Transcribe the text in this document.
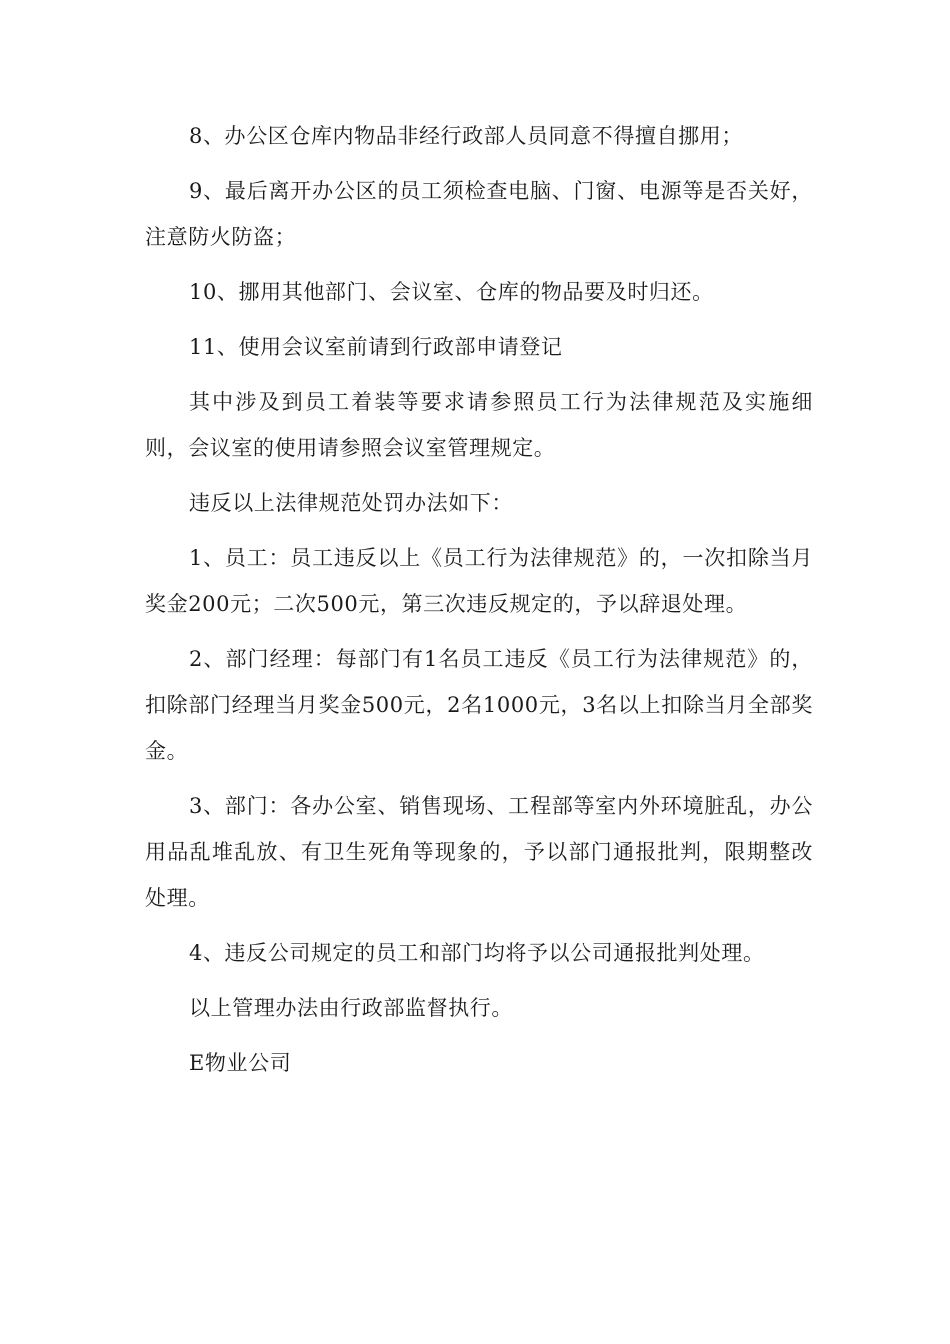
8、办公区仓库内物品非经行政部人员同意不得擅自挪用；

9、最后离开办公区的员工须检查电脑、门窗、电源等是否关好，注意防火防盗；

10、挪用其他部门、会议室、仓库的物品要及时归还。

11、使用会议室前请到行政部申请登记

其中涉及到员工着装等要求请参照员工行为法律规范及实施细则，会议室的使用请参照会议室管理规定。

违反以上法律规范处罚办法如下：

1、员工：员工违反以上《员工行为法律规范》的，一次扣除当月奖金200元；二次500元，第三次违反规定的，予以辞退处理。

2、部门经理：每部门有1名员工违反《员工行为法律规范》的，扣除部门经理当月奖金500元，2名1000元，3名以上扣除当月全部奖金。

3、部门：各办公室、销售现场、工程部等室内外环境脏乱，办公用品乱堆乱放、有卫生死角等现象的，予以部门通报批判，限期整改处理。

4、违反公司规定的员工和部门均将予以公司通报批判处理。

以上管理办法由行政部监督执行。

E物业公司
